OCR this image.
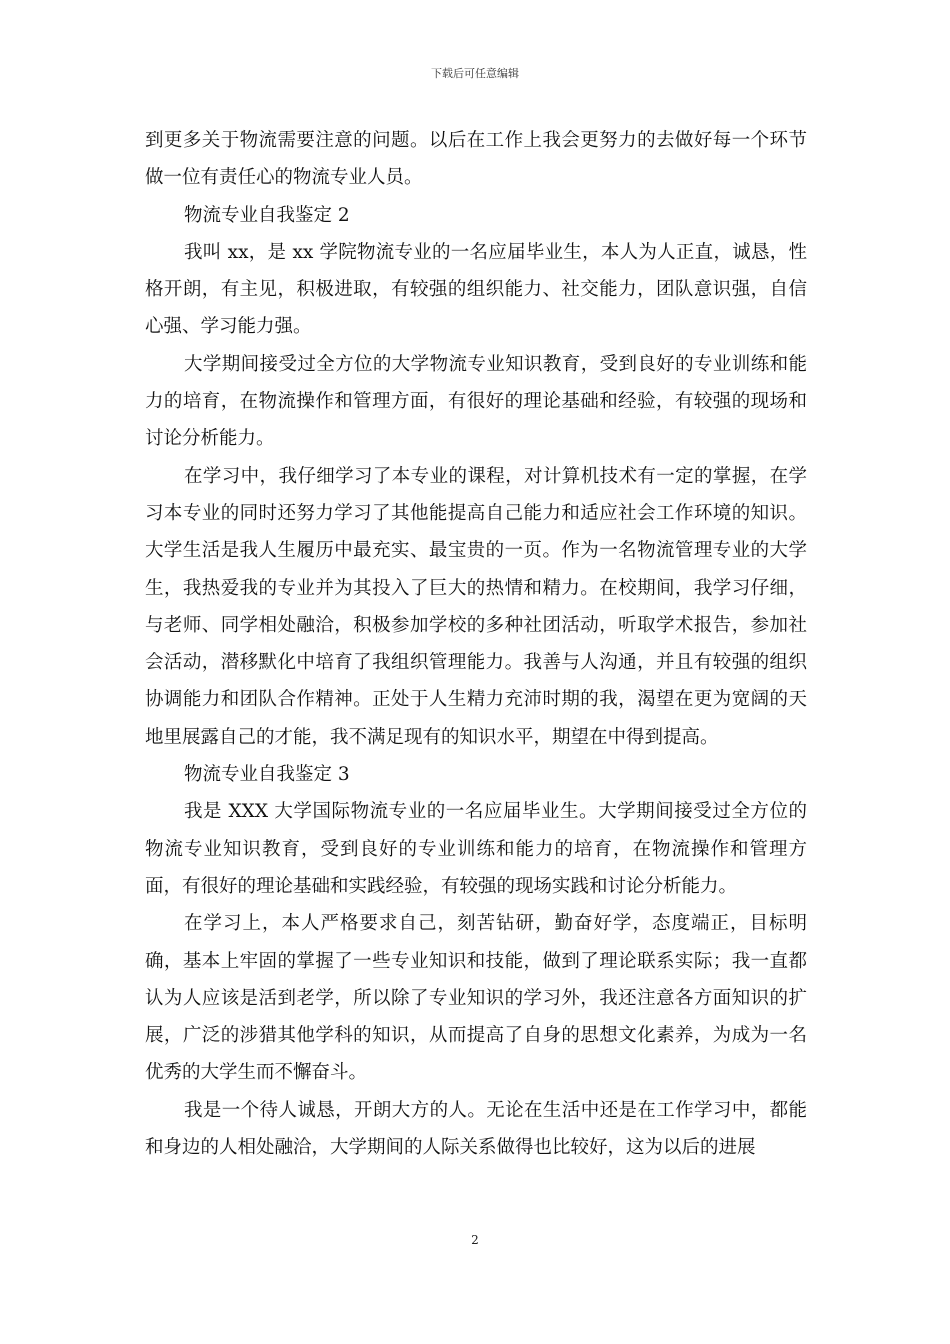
下载后可任意编辑

到更多关于物流需要注意的问题。以后在工作上我会更努力的去做好每一个环节做一位有责任心的物流专业人员。

物流专业自我鉴定 2

我叫 xx，是 xx 学院物流专业的一名应届毕业生，本人为人正直，诚恳，性格开朗，有主见，积极进取，有较强的组织能力、社交能力，团队意识强，自信心强、学习能力强。

大学期间接受过全方位的大学物流专业知识教育，受到良好的专业训练和能力的培育，在物流操作和管理方面，有很好的理论基础和经验，有较强的现场和讨论分析能力。

在学习中，我仔细学习了本专业的课程，对计算机技术有一定的掌握，在学习本专业的同时还努力学习了其他能提高自己能力和适应社会工作环境的知识。大学生活是我人生履历中最充实、最宝贵的一页。作为一名物流管理专业的大学生，我热爱我的专业并为其投入了巨大的热情和精力。在校期间，我学习仔细，与老师、同学相处融洽，积极参加学校的多种社团活动，听取学术报告，参加社会活动，潜移默化中培育了我组织管理能力。我善与人沟通，并且有较强的组织协调能力和团队合作精神。正处于人生精力充沛时期的我，渴望在更为宽阔的天地里展露自己的才能，我不满足现有的知识水平，期望在中得到提高。

物流专业自我鉴定 3

我是 XXX 大学国际物流专业的一名应届毕业生。大学期间接受过全方位的物流专业知识教育，受到良好的专业训练和能力的培育，在物流操作和管理方面，有很好的理论基础和实践经验，有较强的现场实践和讨论分析能力。

在学习上，本人严格要求自己，刻苦钻研，勤奋好学，态度端正，目标明确，基本上牢固的掌握了一些专业知识和技能，做到了理论联系实际；我一直都认为人应该是活到老学，所以除了专业知识的学习外，我还注意各方面知识的扩展，广泛的涉猎其他学科的知识，从而提高了自身的思想文化素养，为成为一名优秀的大学生而不懈奋斗。

我是一个待人诚恳，开朗大方的人。无论在生活中还是在工作学习中，都能和身边的人相处融洽，大学期间的人际关系做得也比较好，这为以后的进展

2
